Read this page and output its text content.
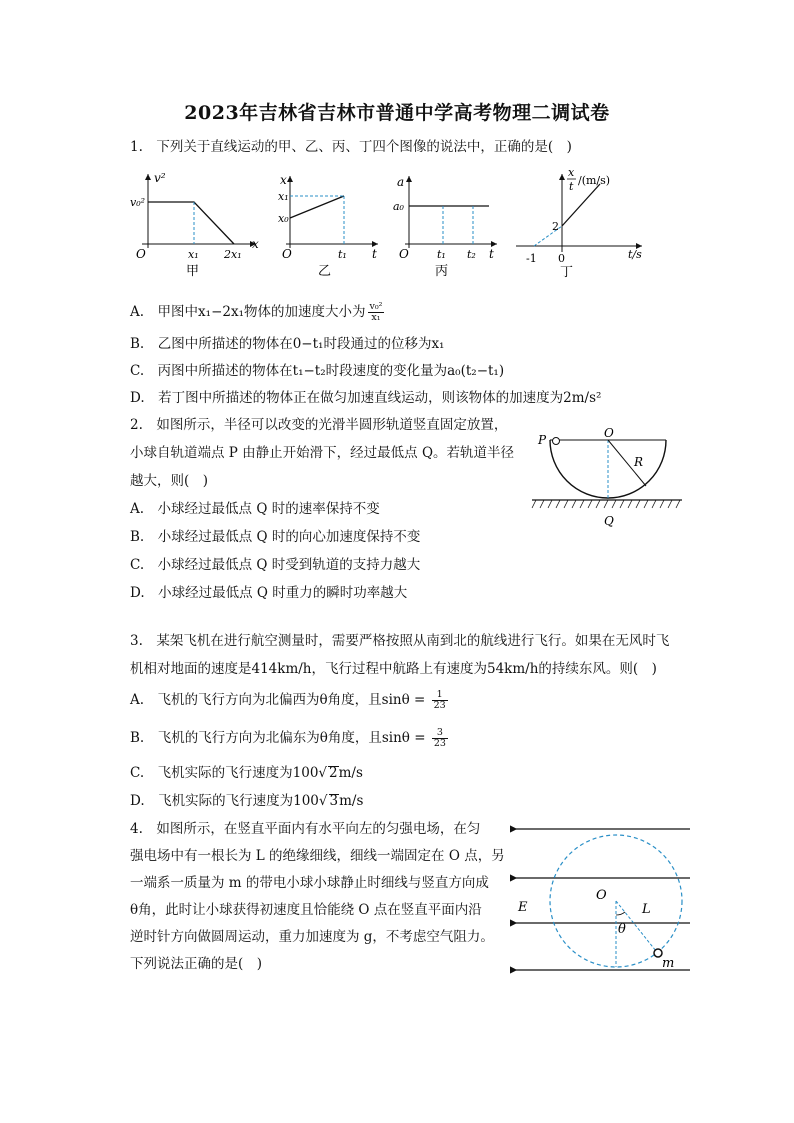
2023年吉林省吉林市普通中学高考物理二调试卷
1.　下列关于直线运动的甲、乙、丙、丁四个图像的说法中，正确的是(　)
v²
v₀²
x
O	x₁ 2x₁
甲
x
x₁
x₀
t
O	t₁
乙
a
a₀
t
O	t₁ t₂
丙
x
t /(m/s)
2
-1 0	t/s
丁
A.　甲图中x₁−2x₁物体的加速度大小为 $\frac{\text{v₀²}}{\text{x₁}}$
B.　乙图中所描述的物体在0−t₁时段通过的位移为x₁
C.　丙图中所描述的物体在t₁−t₂时段速度的变化量为a₀(t₂−t₁)
D.　若丁图中所描述的物体正在做匀加速直线运动，则该物体的加速度为2m/s²
2.　如图所示，半径可以改变的光滑半圆形轨道竖直固定放置，
小球自轨道端点 P 由静止开始滑下，经过最低点 Q。若轨道半径
越大，则(　)
A.　小球经过最低点 Q 时的速率保持不变
B.　小球经过最低点 Q 时的向心加速度保持不变
C.　小球经过最低点 Q 时受到轨道的支持力越大
D.　小球经过最低点 Q 时重力的瞬时功率越大
P	O
R
Q
3.　某架飞机在进行航空测量时，需要严格按照从南到北的航线进行飞行。如果在无风时飞
机相对地面的速度是414km/h，飞行过程中航路上有速度为54km/h的持续东风。则(　)
A.　飞机的飞行方向为北偏西为θ角度，且$\sin\theta = \frac{1}{23}$
B.　飞机的飞行方向为北偏东为θ角度，且$\sin\theta = \frac{3}{23}$
C.　飞机实际的飞行速度为100√ 2m/s
D.　飞机实际的飞行速度为100√ 3m/s
4.　如图所示，在竖直平面内有水平向左的匀强电场，在匀
强电场中有一根长为 L 的绝缘细线，细线一端固定在 O 点，另
一端系一质量为 m 的带电小球小球静止时细线与竖直方向成
θ角，此时让小球获得初速度且恰能绕 O 点在竖直平面内沿
逆时针方向做圆周运动，重力加速度为 g，不考虑空气阻力。
下列说法正确的是(　)
E
O
L
θ
m
